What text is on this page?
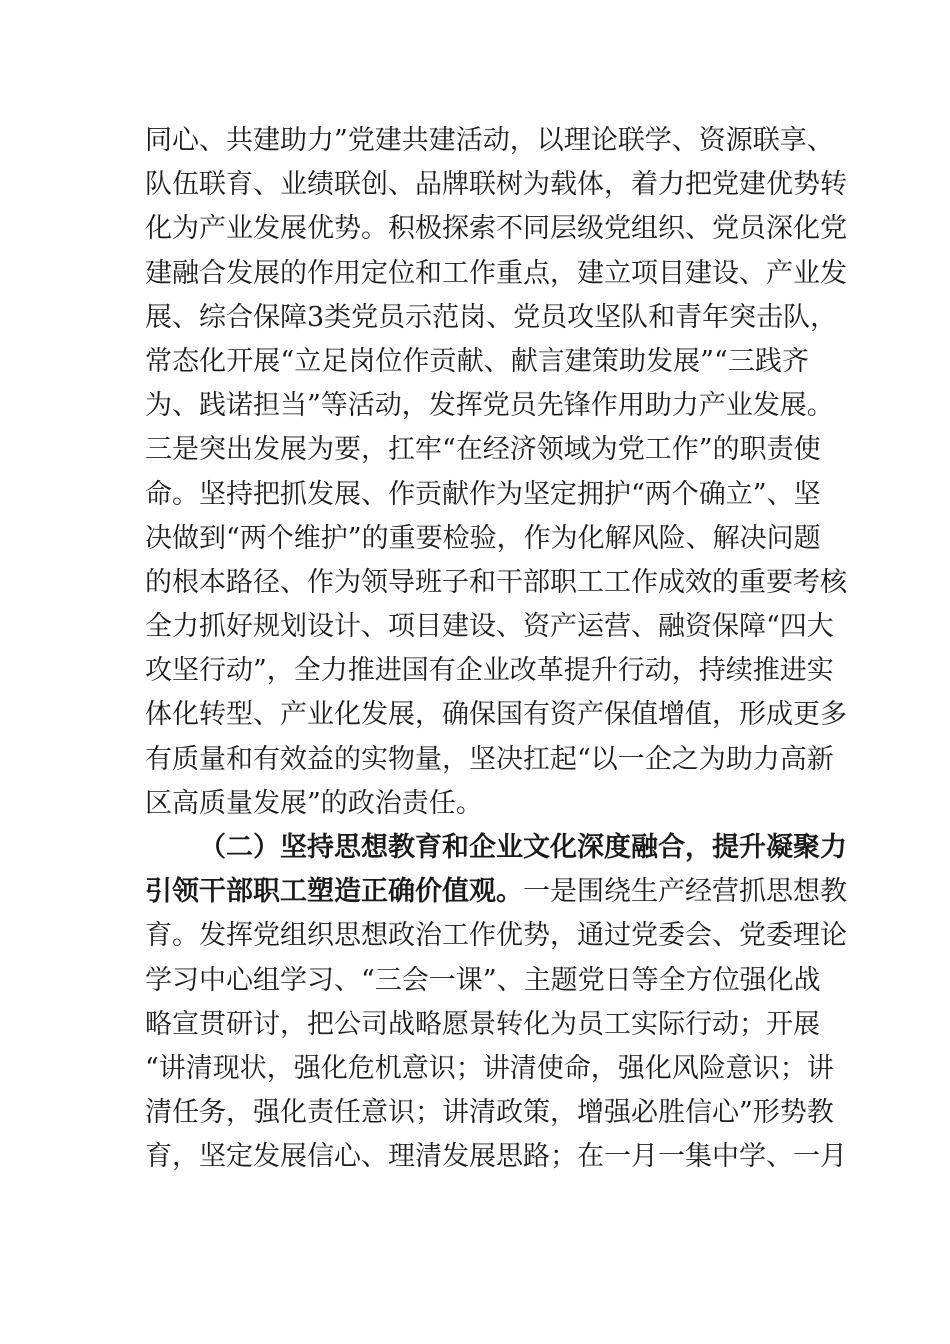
同心、共建助力”党建共建活动，以理论联学、资源联享、
队伍联育、业绩联创、品牌联树为载体，着力把党建优势转
化为产业发展优势。积极探索不同层级党组织、党员深化党
建融合发展的作用定位和工作重点，建立项目建设、产业发
展、综合保障3类党员示范岗、党员攻坚队和青年突击队，
常态化开展“立足岗位作贡献、献言建策助发展”“三践齐
为、践诺担当”等活动，发挥党员先锋作用助力产业发展。
三是突出发展为要，扛牢“在经济领域为党工作”的职责使
命。坚持把抓发展、作贡献作为坚定拥护“两个确立”、坚
决做到“两个维护”的重要检验，作为化解风险、解决问题
的根本路径、作为领导班子和干部职工工作成效的重要考核
全力抓好规划设计、项目建设、资产运营、融资保障“四大
攻坚行动”，全力推进国有企业改革提升行动，持续推进实
体化转型、产业化发展，确保国有资产保值增值，形成更多
有质量和有效益的实物量，坚决扛起“以一企之为助力高新
区高质量发展”的政治责任。
（二）坚持思想教育和企业文化深度融合，提升凝聚力
引领干部职工塑造正确价值观。一是围绕生产经营抓思想教
育。发挥党组织思想政治工作优势，通过党委会、党委理论
学习中心组学习、“三会一课”、主题党日等全方位强化战
略宣贯研讨，把公司战略愿景转化为员工实际行动；开展
“讲清现状，强化危机意识；讲清使命，强化风险意识；讲
清任务，强化责任意识；讲清政策，增强必胜信心”形势教
育，坚定发展信心、理清发展思路；在一月一集中学、一月
